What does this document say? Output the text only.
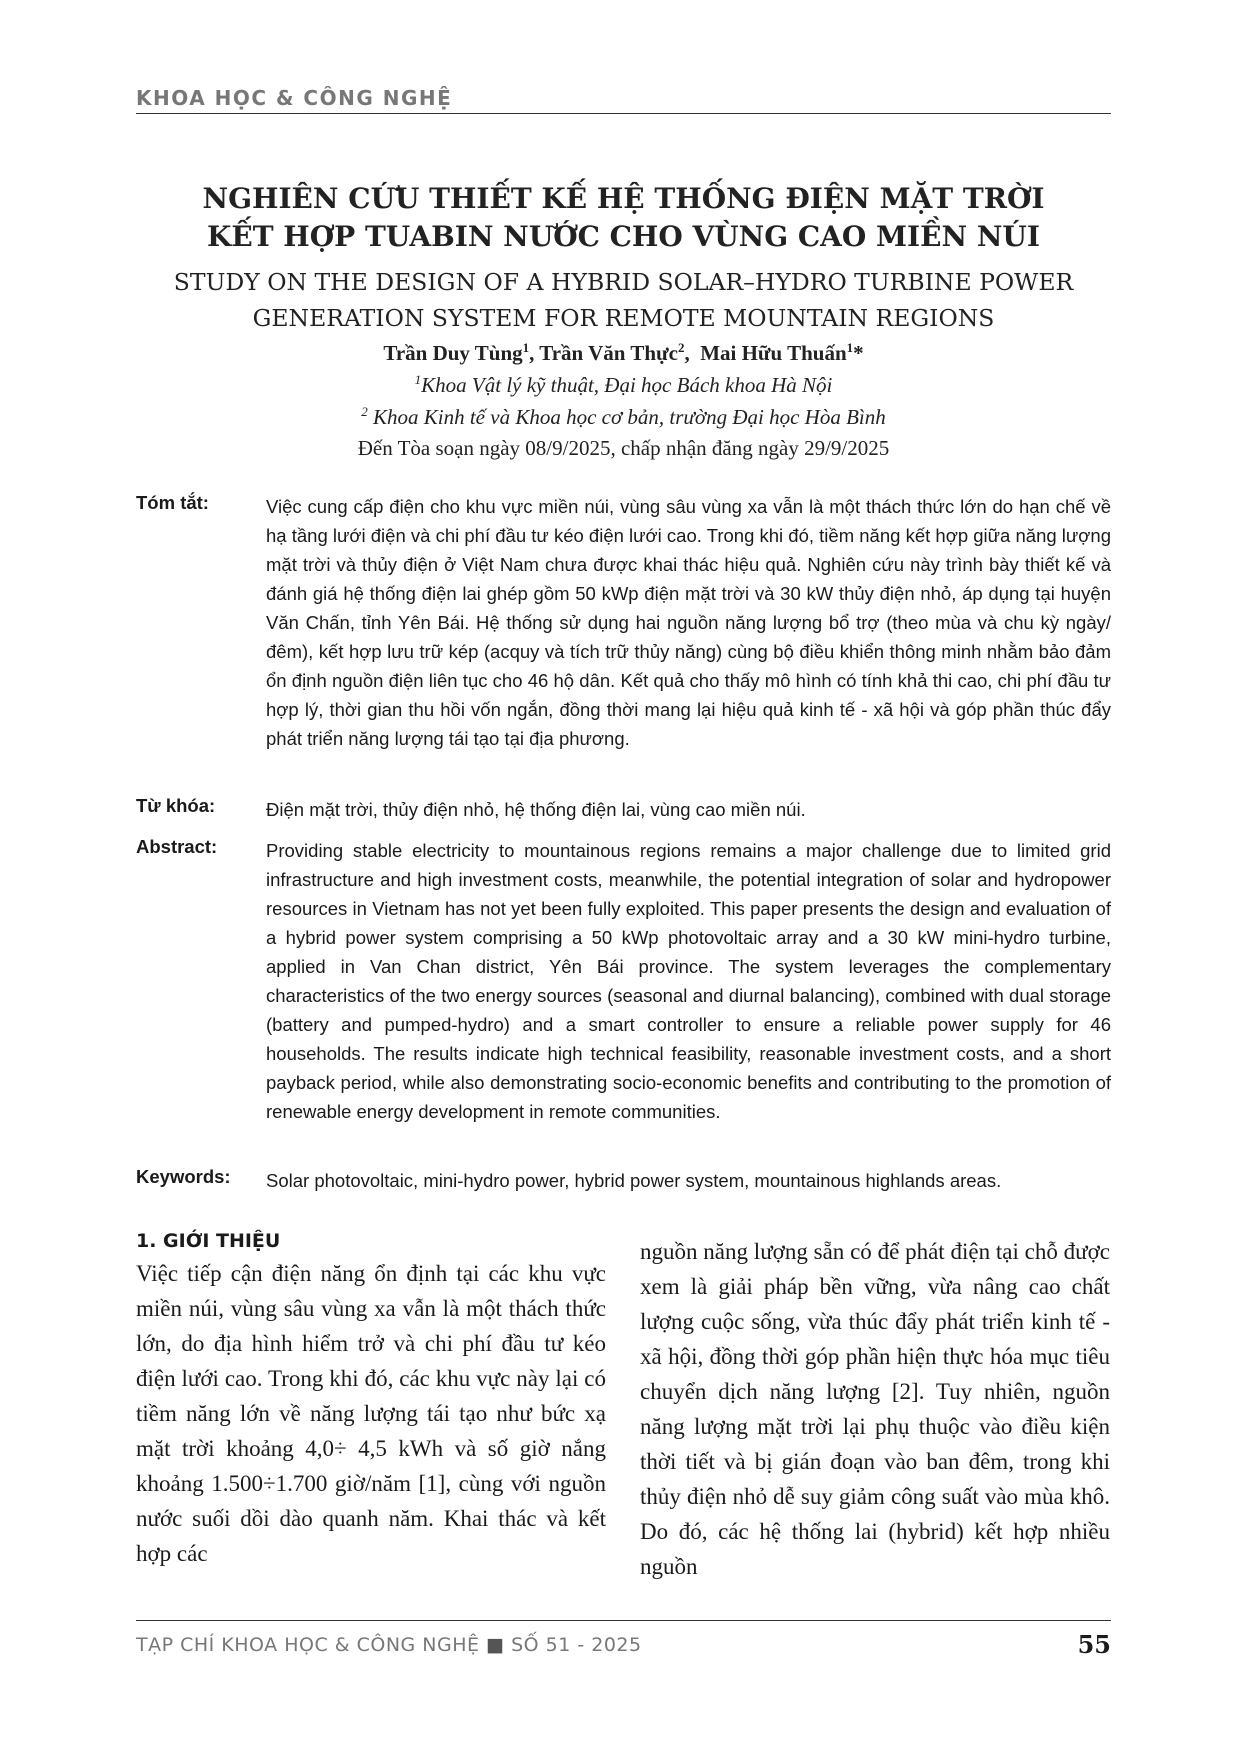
KHOA HỌC & CÔNG NGHỆ
NGHIÊN CỨU THIẾT KẾ HỆ THỐNG ĐIỆN MẶT TRỜI
KẾT HỢP TUABIN NƯỚC CHO VÙNG CAO MIỀN NÚI
STUDY ON THE DESIGN OF A HYBRID SOLAR–HYDRO TURBINE POWER
GENERATION SYSTEM FOR REMOTE MOUNTAIN REGIONS
Trần Duy Tùng$^1$, Trần Văn Thực$^2$,  Mai Hữu Thuấn$^1$*
$^1$Khoa Vật lý kỹ thuật, Đại học Bách khoa Hà Nội
$^2$ Khoa Kinh tế và Khoa học cơ bản, trường Đại học Hòa Bình
Đến Tòa soạn ngày 08/9/2025, chấp nhận đăng ngày 29/9/2025
Tóm tắt:	Việc cung cấp điện cho khu vực miền núi, vùng sâu vùng xa vẫn là một thách thức lớn do hạn chế về hạ tầng lưới điện và chi phí đầu tư kéo điện lưới cao. Trong khi đó, tiềm năng kết hợp giữa năng lượng mặt trời và thủy điện ở Việt Nam chưa được khai thác hiệu quả. Nghiên cứu này trình bày thiết kế và đánh giá hệ thống điện lai ghép gồm 50 kWp điện mặt trời và 30 kW thủy điện nhỏ, áp dụng tại huyện Văn Chấn, tỉnh Yên Bái. Hệ thống sử dụng hai nguồn năng lượng bổ trợ (theo mùa và chu kỳ ngày/đêm), kết hợp lưu trữ kép (acquy và tích trữ thủy năng) cùng bộ điều khiển thông minh nhằm bảo đảm ổn định nguồn điện liên tục cho 46 hộ dân. Kết quả cho thấy mô hình có tính khả thi cao, chi phí đầu tư hợp lý, thời gian thu hồi vốn ngắn, đồng thời mang lại hiệu quả kinh tế - xã hội và góp phần thúc đẩy phát triển năng lượng tái tạo tại địa phương.
Từ khóa:	Điện mặt trời, thủy điện nhỏ, hệ thống điện lai, vùng cao miền núi.
Abstract:	Providing stable electricity to mountainous regions remains a major challenge due to limited grid infrastructure and high investment costs, meanwhile, the potential integration of solar and hydropower resources in Vietnam has not yet been fully exploited. This paper presents the design and evaluation of a hybrid power system comprising a 50 kWp photovoltaic array and a 30 kW mini-hydro turbine, applied in Van Chan district, Yên Bái province. The system leverages the complementary characteristics of the two energy sources (seasonal and diurnal balancing), combined with dual storage (battery and pumped-hydro) and a smart controller to ensure a reliable power supply for 46 households. The results indicate high technical feasibility, reasonable investment costs, and a short payback period, while also demonstrating socio-economic benefits and contributing to the promotion of renewable energy development in remote communities.
Keywords: Solar photovoltaic, mini-hydro power, hybrid power system, mountainous highlands areas.
1. GIỚI THIỆU
Việc tiếp cận điện năng ổn định tại các khu vực miền núi, vùng sâu vùng xa vẫn là một thách thức lớn, do địa hình hiểm trở và chi phí đầu tư kéo điện lưới cao. Trong khi đó, các khu vực này lại có tiềm năng lớn về năng lượng tái tạo như bức xạ mặt trời khoảng 4,0÷ 4,5 kWh và số giờ nắng khoảng 1.500÷1.700 giờ/năm [1], cùng với nguồn nước suối dồi dào quanh năm. Khai thác và kết hợp các
nguồn năng lượng sẵn có để phát điện tại chỗ được xem là giải pháp bền vững, vừa nâng cao chất lượng cuộc sống, vừa thúc đẩy phát triển kinh tế - xã hội, đồng thời góp phần hiện thực hóa mục tiêu chuyển dịch năng lượng [2]. Tuy nhiên, nguồn năng lượng mặt trời lại phụ thuộc vào điều kiện thời tiết và bị gián đoạn vào ban đêm, trong khi thủy điện nhỏ dễ suy giảm công suất vào mùa khô. Do đó, các hệ thống lai (hybrid) kết hợp nhiều nguồn
TẠP CHÍ KHOA HỌC & CÔNG NGHỆ ■ SỐ 51 - 2025	55
